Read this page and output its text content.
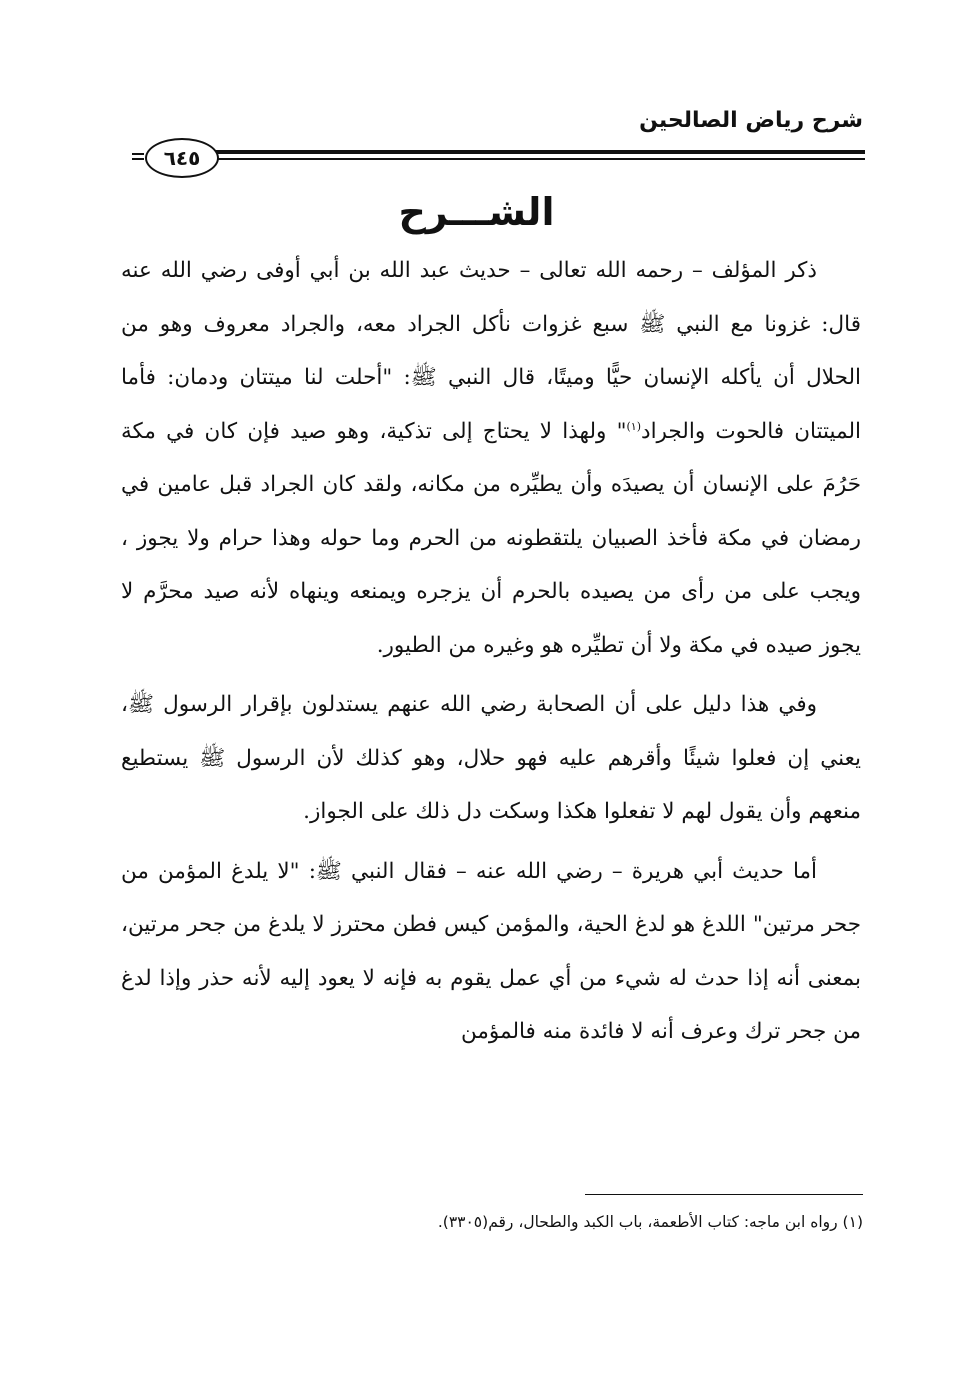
شرح رياض الصالحين
٦٤٥
الشـــرح

ذكر المؤلف – رحمه الله تعالى – حديث عبد الله بن أبي أوفى رضي الله عنه قال: غزونا مع النبي ﷺ سبع غزوات نأكل الجراد معه، والجراد معروف وهو من الحلال أن يأكله الإنسان حيًّا وميتًا، قال النبي ﷺ: "أحلت لنا ميتتان ودمان: فأما الميتتان فالحوت والجراد$^{(١)}$" ولهذا لا يحتاج إلى تذكية، وهو صيد فإن كان في مكة حَرُمَ على الإنسان أن يصيدَه وأن يطيِّره من مكانه، ولقد كان الجراد قبل عامين في رمضان في مكة فأخذ الصبيان يلتقطونه من الحرم وما حوله وهذا حرام ولا يجوز ، ويجب على من رأى من يصيده بالحرم أن يزجره ويمنعه وينهاه لأنه صيد محرَّم لا يجوز صيده في مكة ولا أن تطيِّره هو وغيره من الطيور.

وفي هذا دليل على أن الصحابة رضي الله عنهم يستدلون بإقرار الرسول ﷺ، يعني إن فعلوا شيئًا وأقرهم عليه فهو حلال، وهو كذلك لأن الرسول ﷺ يستطيع منعهم وأن يقول لهم لا تفعلوا هكذا وسكت دل ذلك على الجواز.

أما حديث أبي هريرة – رضي الله عنه – فقال النبي ﷺ: "لا يلدغ المؤمن من جحر مرتين" اللدغ هو لدغ الحية، والمؤمن كيس فطن محترز لا يلدغ من جحر مرتين، بمعنى أنه إذا حدث له شيء من أي عمل يقوم به فإنه لا يعود إليه لأنه حذر وإذا لدغ من جحر ترك وعرف أنه لا فائدة منه فالمؤمن

(١) رواه ابن ماجه: كتاب الأطعمة، باب الكبد والطحال، رقم(٣٣٠٥).
